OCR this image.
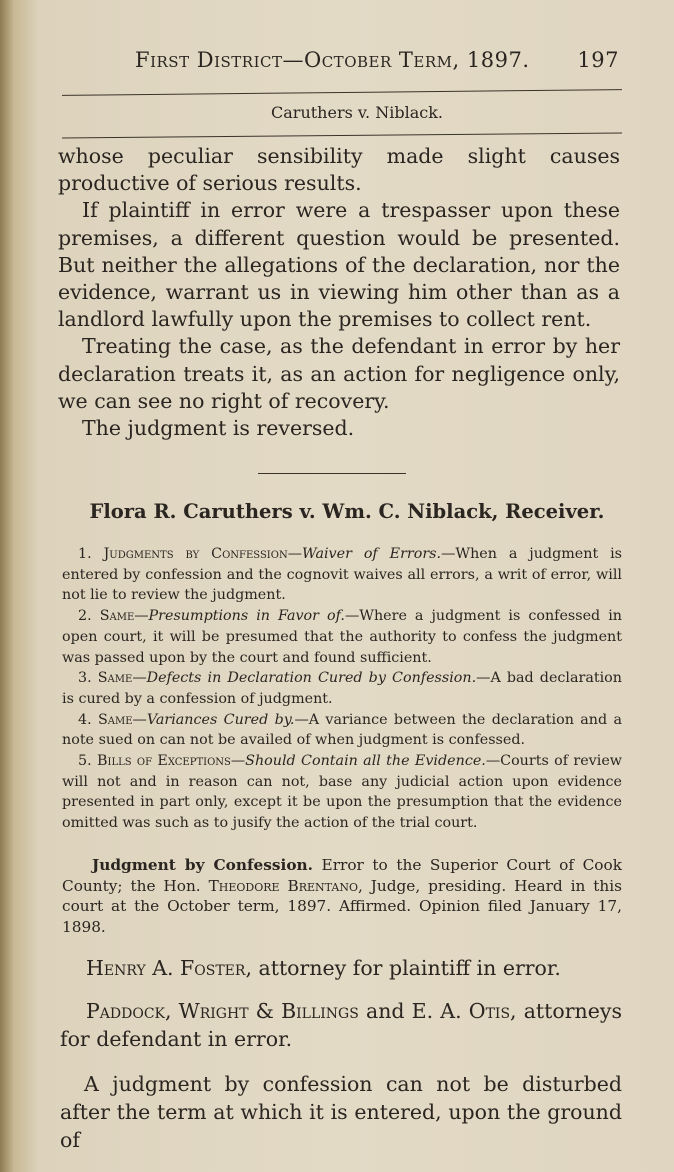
First District—October Term, 1897. 197
Caruthers v. Niblack.

whose peculiar sensibility made slight causes productive of serious results.

If plaintiff in error were a trespasser upon these premises, a different question would be presented. But neither the allegations of the declaration, nor the evidence, warrant us in viewing him other than as a landlord lawfully upon the premises to collect rent.

Treating the case, as the defendant in error by her declaration treats it, as an action for negligence only, we can see no right of recovery.

The judgment is reversed.

Flora R. Caruthers v. Wm. C. Niblack, Receiver.

1. Judgments by Confession—Waiver of Errors.—When a judgment is entered by confession and the cognovit waives all errors, a writ of error, will not lie to review the judgment.

2. Same—Presumptions in Favor of.—Where a judgment is confessed in open court, it will be presumed that the authority to confess the judgment was passed upon by the court and found sufficient.

3. Same—Defects in Declaration Cured by Confession.—A bad declaration is cured by a confession of judgment.

4. Same—Variances Cured by.—A variance between the declaration and a note sued on can not be availed of when judgment is confessed.

5. Bills of Exceptions—Should Contain all the Evidence.—Courts of review will not and in reason can not, base any judicial action upon evidence presented in part only, except it be upon the presumption that the evidence omitted was such as to jusify the action of the trial court.

Judgment by Confession. Error to the Superior Court of Cook County; the Hon. Theodore Brentano, Judge, presiding. Heard in this court at the October term, 1897. Affirmed. Opinion filed January 17, 1898.

Henry A. Foster, attorney for plaintiff in error.

Paddock, Wright & Billings and E. A. Otis, attorneys for defendant in error.

A judgment by confession can not be disturbed after the term at which it is entered, upon the ground of
